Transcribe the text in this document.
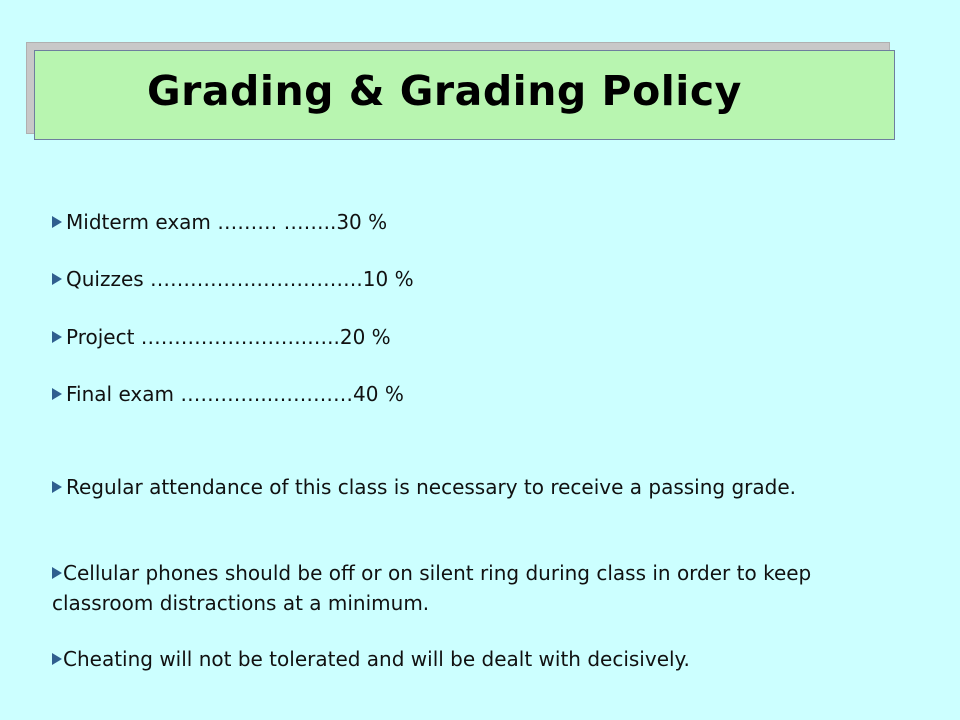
Grading & Grading Policy
Midterm exam ……… ……..30 %
Quizzes …………….…………….10 %
Project …………………….…..20 %
Final exam …………..…………40 %
Regular attendance of this class is necessary to receive a passing grade.
Cellular phones should be off or on silent ring during class in order to keep classroom distractions at a minimum.
Cheating will not be tolerated and will be dealt with decisively.
